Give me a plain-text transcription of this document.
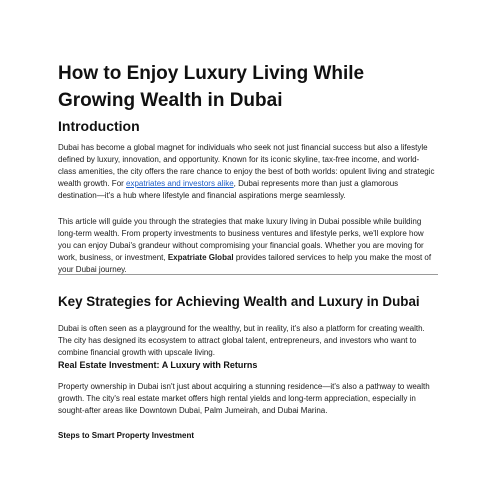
How to Enjoy Luxury Living While Growing Wealth in Dubai
Introduction

Dubai has become a global magnet for individuals who seek not just financial success but also a lifestyle defined by luxury, innovation, and opportunity. Known for its iconic skyline, tax-free income, and world-class amenities, the city offers the rare chance to enjoy the best of both worlds: opulent living and strategic wealth growth. For expatriates and investors alike, Dubai represents more than just a glamorous destination—it's a hub where lifestyle and financial aspirations merge seamlessly.

This article will guide you through the strategies that make luxury living in Dubai possible while building long-term wealth. From property investments to business ventures and lifestyle perks, we'll explore how you can enjoy Dubai's grandeur without compromising your financial goals. Whether you are moving for work, business, or investment, Expatriate Global provides tailored services to help you make the most of your Dubai journey.

Key Strategies for Achieving Wealth and Luxury in Dubai

Dubai is often seen as a playground for the wealthy, but in reality, it's also a platform for creating wealth. The city has designed its ecosystem to attract global talent, entrepreneurs, and investors who want to combine financial growth with upscale living.

Real Estate Investment: A Luxury with Returns

Property ownership in Dubai isn't just about acquiring a stunning residence—it's also a pathway to wealth growth. The city's real estate market offers high rental yields and long-term appreciation, especially in sought-after areas like Downtown Dubai, Palm Jumeirah, and Dubai Marina.

Steps to Smart Property Investment
